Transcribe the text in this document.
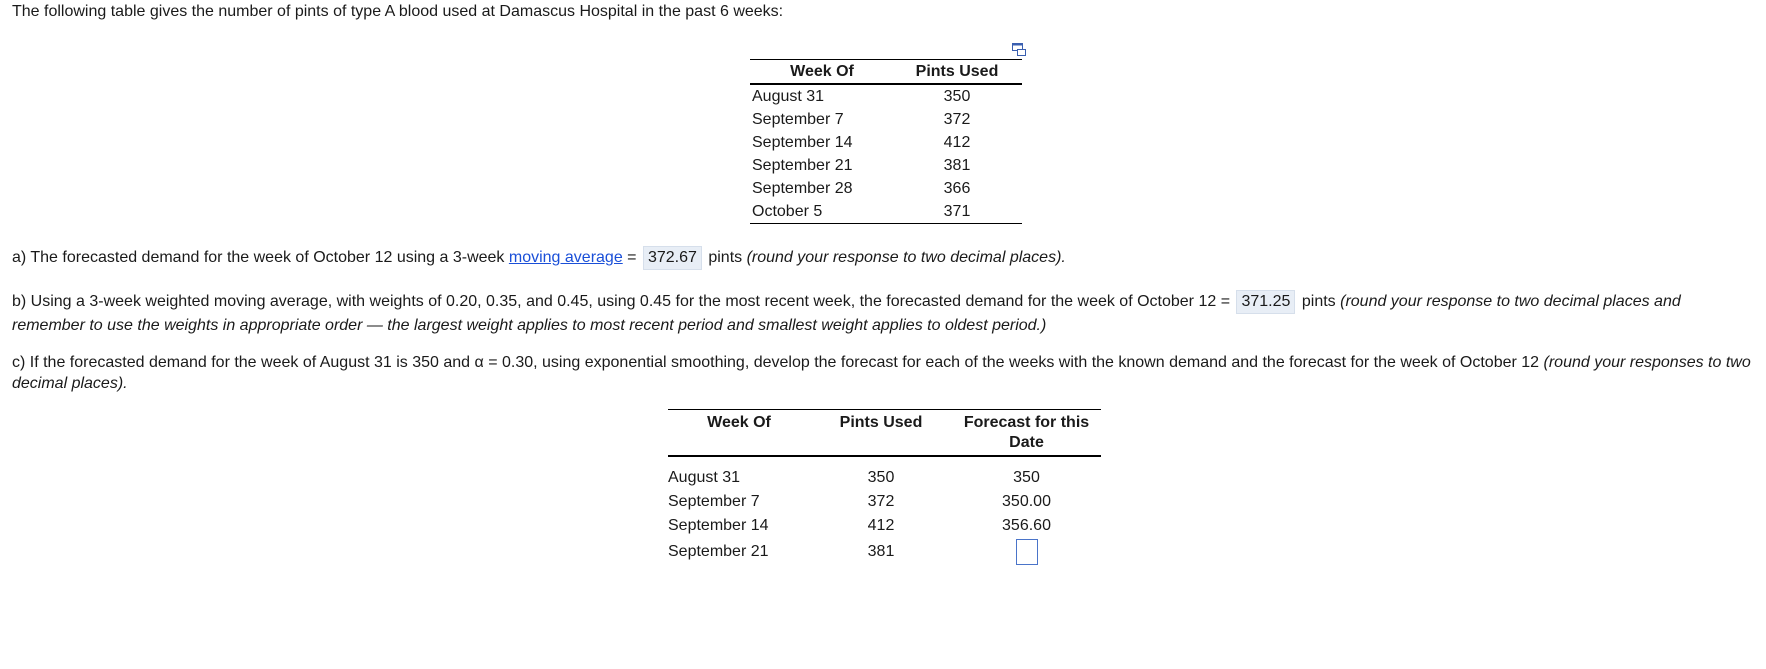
The following table gives the number of pints of type A blood used at Damascus Hospital in the past 6 weeks:
Week Of	Pints Used
August 31	350
September 7	372
September 14	412
September 21	381
September 28	366
October 5	371
a) The forecasted demand for the week of October 12 using a 3-week moving average = 372.67 pints (round your response to two decimal places).
b) Using a 3-week weighted moving average, with weights of 0.20, 0.35, and 0.45, using 0.45 for the most recent week, the forecasted demand for the week of October 12 = 371.25 pints (round your response to two decimal places and remember to use the weights in appropriate order — the largest weight applies to most recent period and smallest weight applies to oldest period.)
c) If the forecasted demand for the week of August 31 is 350 and α = 0.30, using exponential smoothing, develop the forecast for each of the weeks with the known demand and the forecast for the week of October 12 (round your responses to two decimal places).
Week Of	Pints Used	Forecast for this Date
August 31	350	350
September 7	372	350.00
September 14	412	356.60
September 21	381	
